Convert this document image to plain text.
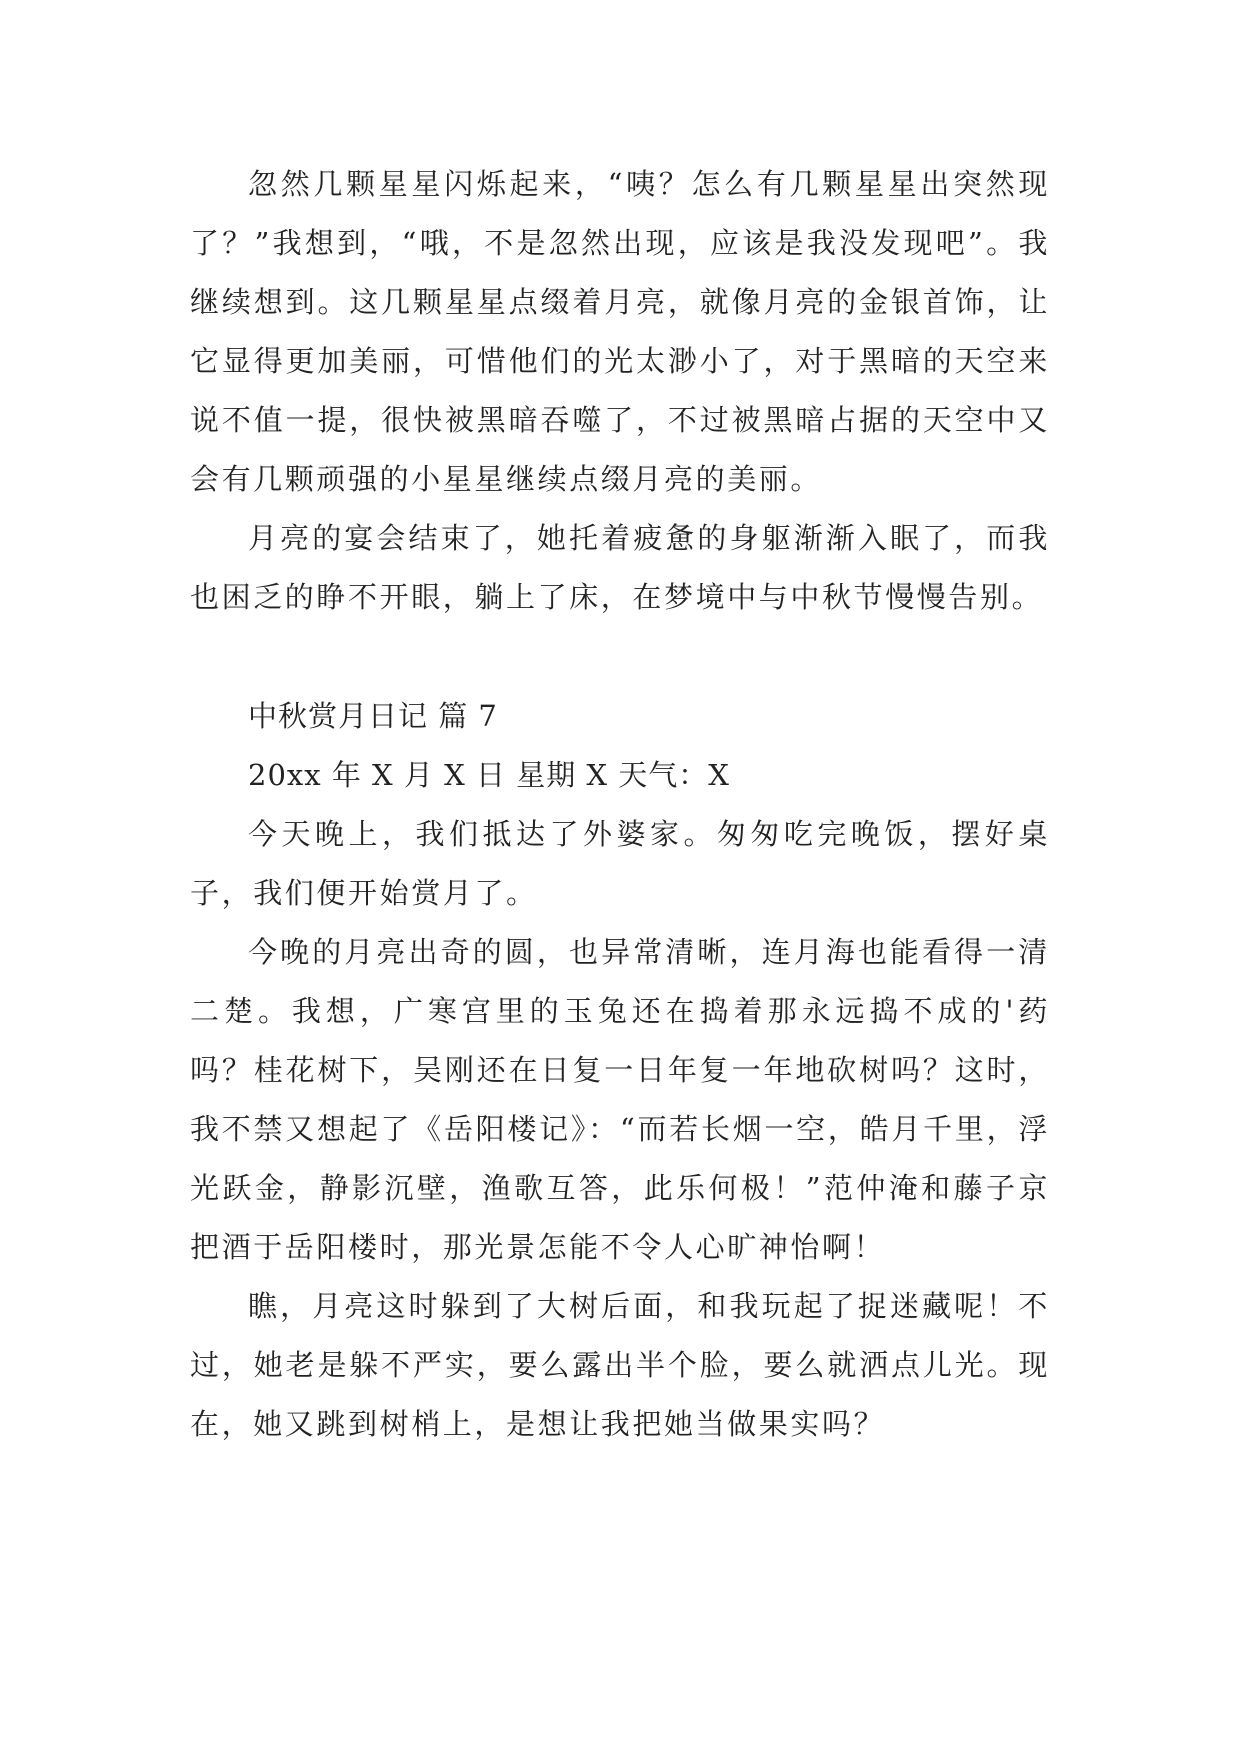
忽然几颗星星闪烁起来，“咦？怎么有几颗星星出突然现了？”我想到，“哦，不是忽然出现，应该是我没发现吧”。我继续想到。这几颗星星点缀着月亮，就像月亮的金银首饰，让它显得更加美丽，可惜他们的光太渺小了，对于黑暗的天空来说不值一提，很快被黑暗吞噬了，不过被黑暗占据的天空中又会有几颗顽强的小星星继续点缀月亮的美丽。

月亮的宴会结束了，她托着疲惫的身躯渐渐入眠了，而我也困乏的睁不开眼，躺上了床，在梦境中与中秋节慢慢告别。

中秋赏月日记 篇 7

20xx 年 X 月 X 日 星期 X 天气：X

今天晚上，我们抵达了外婆家。匆匆吃完晚饭，摆好桌子，我们便开始赏月了。

今晚的月亮出奇的圆，也异常清晰，连月海也能看得一清二楚。我想，广寒宫里的玉兔还在捣着那永远捣不成的'药吗？桂花树下，吴刚还在日复一日年复一年地砍树吗？这时，我不禁又想起了《岳阳楼记》：“而若长烟一空，皓月千里，浮光跃金，静影沉壁，渔歌互答，此乐何极！”范仲淹和藤子京把酒于岳阳楼时，那光景怎能不令人心旷神怡啊！

瞧，月亮这时躲到了大树后面，和我玩起了捉迷藏呢！不过，她老是躲不严实，要么露出半个脸，要么就洒点儿光。现在，她又跳到树梢上，是想让我把她当做果实吗？
